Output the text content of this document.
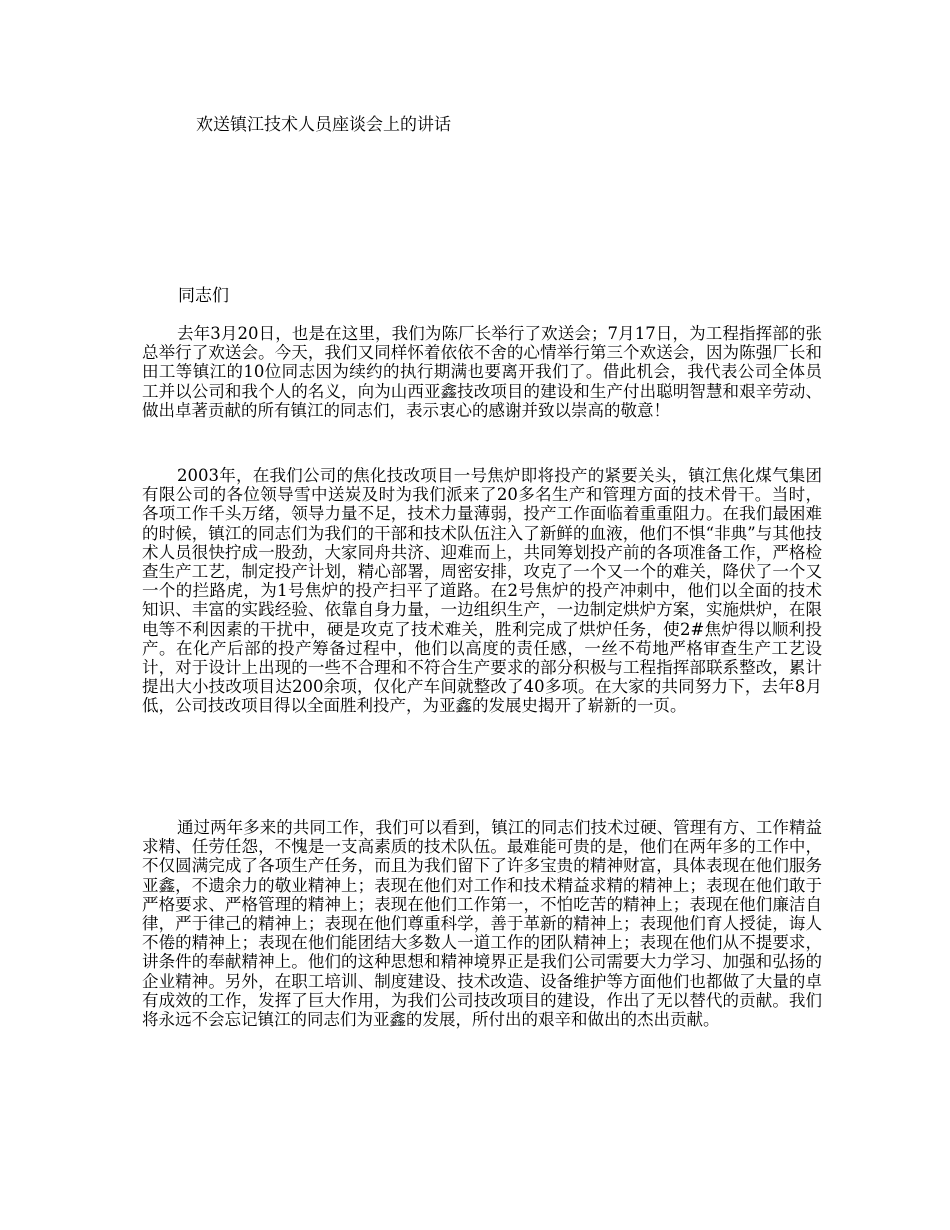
欢送镇江技术人员座谈会上的讲话
同志们

去年3月20日，也是在这里，我们为陈厂长举行了欢送会；7月17日，为工程指挥部的张总举行了欢送会。今天，我们又同样怀着依依不舍的心情举行第三个欢送会，因为陈强厂长和田工等镇江的10位同志因为续约的执行期满也要离开我们了。借此机会，我代表公司全体员工并以公司和我个人的名义，向为山西亚鑫技改项目的建设和生产付出聪明智慧和艰辛劳动、做出卓著贡献的所有镇江的同志们，表示衷心的感谢并致以崇高的敬意！

2003年，在我们公司的焦化技改项目一号焦炉即将投产的紧要关头，镇江焦化煤气集团有限公司的各位领导雪中送炭及时为我们派来了20多名生产和管理方面的技术骨干。当时，各项工作千头万绪，领导力量不足，技术力量薄弱，投产工作面临着重重阻力。在我们最困难的时候，镇江的同志们为我们的干部和技术队伍注入了新鲜的血液，他们不惧“非典”与其他技术人员很快拧成一股劲，大家同舟共济、迎难而上，共同筹划投产前的各项准备工作，严格检查生产工艺，制定投产计划，精心部署，周密安排，攻克了一个又一个的难关，降伏了一个又一个的拦路虎，为1号焦炉的投产扫平了道路。在2号焦炉的投产冲刺中，他们以全面的技术知识、丰富的实践经验、依靠自身力量，一边组织生产，一边制定烘炉方案，实施烘炉，在限电等不利因素的干扰中，硬是攻克了技术难关，胜利完成了烘炉任务，使2#焦炉得以顺利投产。在化产后部的投产筹备过程中，他们以高度的责任感，一丝不苟地严格审查生产工艺设计，对于设计上出现的一些不合理和不符合生产要求的部分积极与工程指挥部联系整改，累计提出大小技改项目达200余项，仅化产车间就整改了40多项。在大家的共同努力下，去年8月低，公司技改项目得以全面胜利投产，为亚鑫的发展史揭开了崭新的一页。

通过两年多来的共同工作，我们可以看到，镇江的同志们技术过硬、管理有方、工作精益求精、任劳任怨，不愧是一支高素质的技术队伍。最难能可贵的是，他们在两年多的工作中，不仅圆满完成了各项生产任务，而且为我们留下了许多宝贵的精神财富，具体表现在他们服务亚鑫，不遗余力的敬业精神上；表现在他们对工作和技术精益求精的精神上；表现在他们敢于严格要求、严格管理的精神上；表现在他们工作第一，不怕吃苦的精神上；表现在他们廉洁自律，严于律己的精神上；表现在他们尊重科学，善于革新的精神上；表现他们育人授徒，诲人不倦的精神上；表现在他们能团结大多数人一道工作的团队精神上；表现在他们从不提要求，讲条件的奉献精神上。他们的这种思想和精神境界正是我们公司需要大力学习、加强和弘扬的企业精神。另外，在职工培训、制度建设、技术改造、设备维护等方面他们也都做了大量的卓有成效的工作，发挥了巨大作用，为我们公司技改项目的建设，作出了无以替代的贡献。我们将永远不会忘记镇江的同志们为亚鑫的发展，所付出的艰辛和做出的杰出贡献。
